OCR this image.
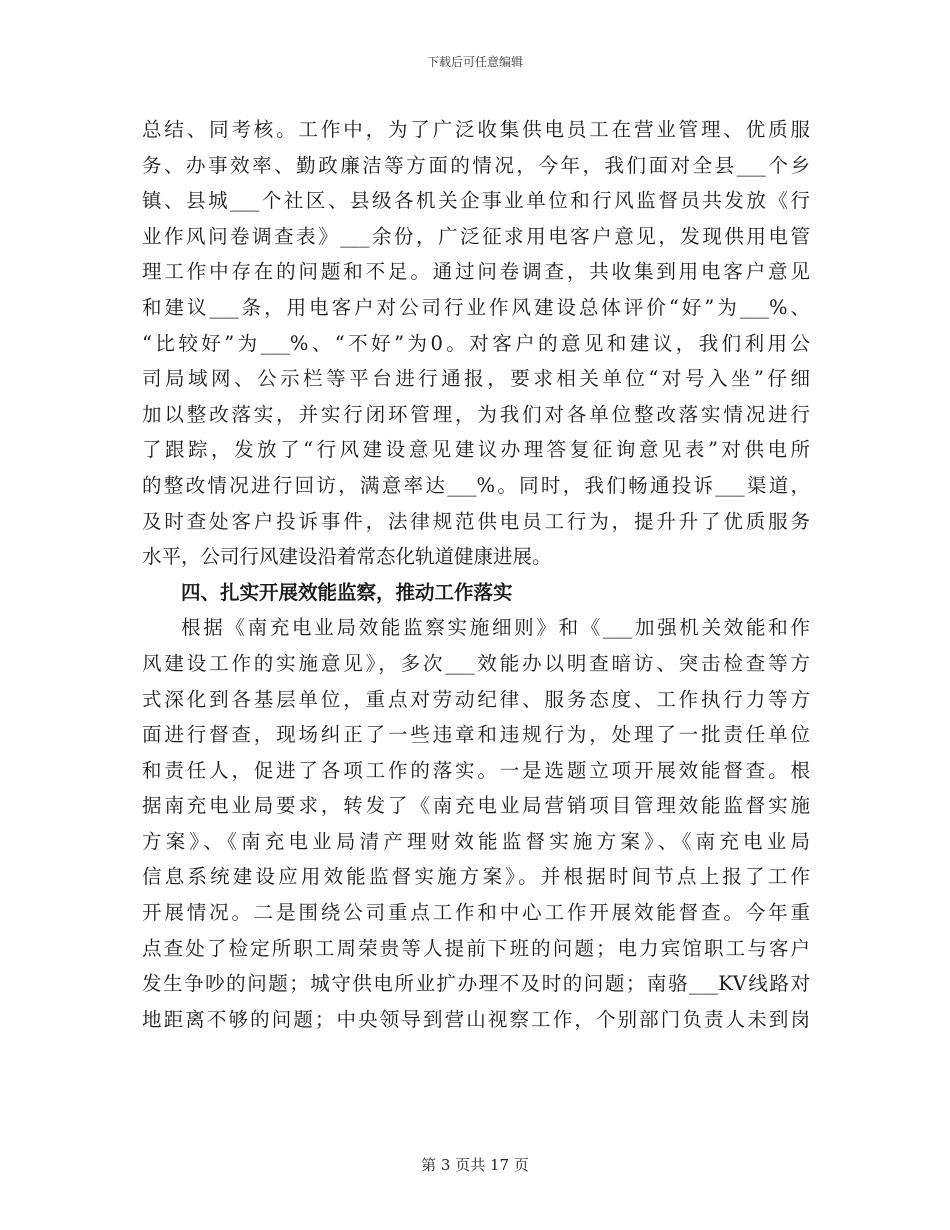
下载后可任意编辑
总结、同考核。工作中，为了广泛收集供电员工在营业管理、优质服
务、办事效率、勤政廉洁等方面的情况，今年，我们面对全县___个乡
镇、县城___个社区、县级各机关企事业单位和行风监督员共发放《行
业作风问卷调查表》___余份，广泛征求用电客户意见，发现供用电管
理工作中存在的问题和不足。通过问卷调查，共收集到用电客户意见
和建议___条，用电客户对公司行业作风建设总体评价“好”为___%、
“比较好”为___%、“不好”为0。对客户的意见和建议，我们利用公
司局域网、公示栏等平台进行通报，要求相关单位“对号入坐”仔细
加以整改落实，并实行闭环管理，为我们对各单位整改落实情况进行
了跟踪，发放了“行风建设意见建议办理答复征询意见表”对供电所
的整改情况进行回访，满意率达___%。同时，我们畅通投诉___渠道，
及时查处客户投诉事件，法律规范供电员工行为，提升升了优质服务
水平，公司行风建设沿着常态化轨道健康进展。
四、扎实开展效能监察，推动工作落实
根据《南充电业局效能监察实施细则》和《___加强机关效能和作
风建设工作的实施意见》，多次___效能办以明查暗访、突击检查等方
式深化到各基层单位，重点对劳动纪律、服务态度、工作执行力等方
面进行督查，现场纠正了一些违章和违规行为，处理了一批责任单位
和责任人，促进了各项工作的落实。一是选题立项开展效能督查。根
据南充电业局要求，转发了《南充电业局营销项目管理效能监督实施
方案》、《南充电业局清产理财效能监督实施方案》、《南充电业局
信息系统建设应用效能监督实施方案》。并根据时间节点上报了工作
开展情况。二是围绕公司重点工作和中心工作开展效能督查。今年重
点查处了检定所职工周荣贵等人提前下班的问题；电力宾馆职工与客户
发生争吵的问题；城守供电所业扩办理不及时的问题；南骆___KV线路对
地距离不够的问题；中央领导到营山视察工作，个别部门负责人未到岗
第 3 页共 17 页
